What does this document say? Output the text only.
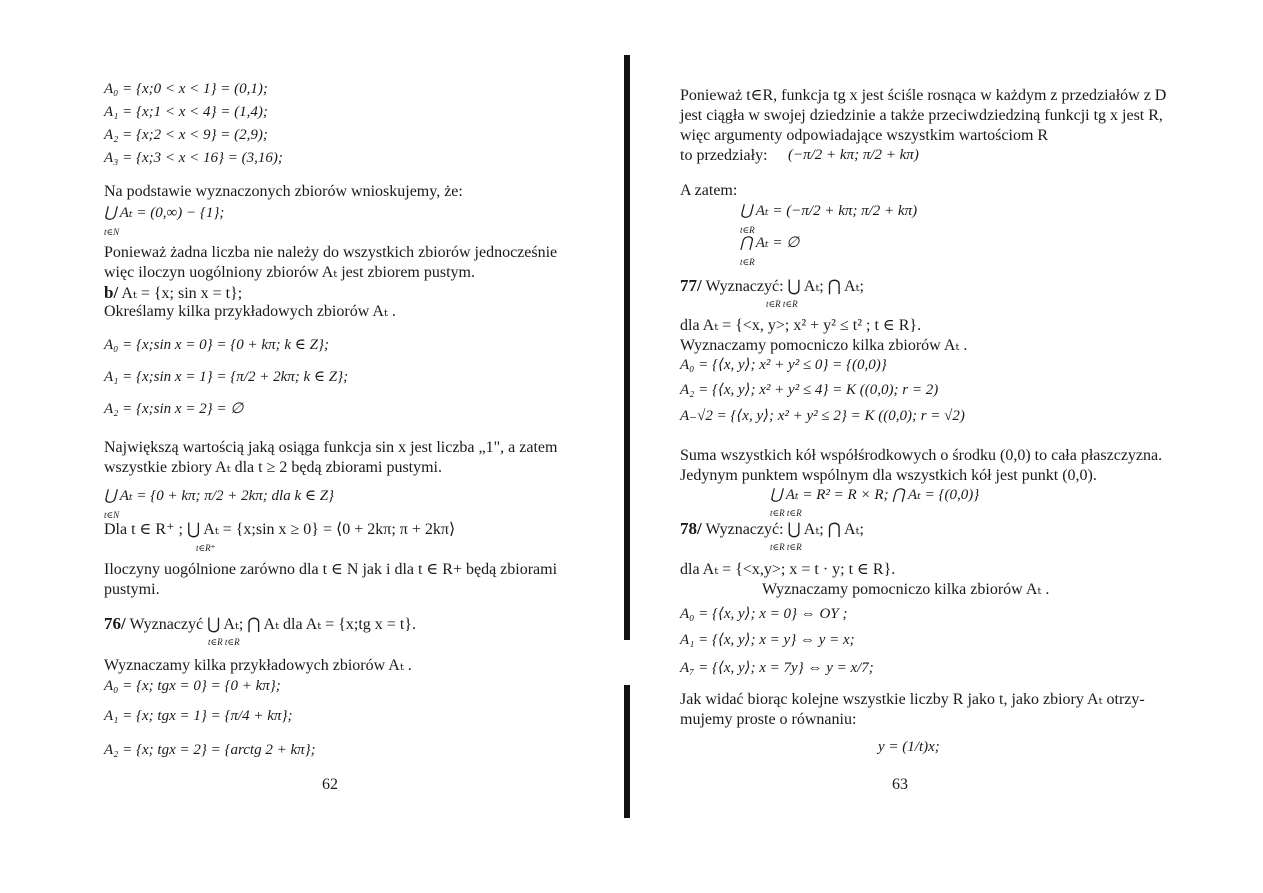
A₀ = {x;0 < x < 1} = (0,1);
A₁ = {x;1 < x < 4} = (1,4);
A₂ = {x;2 < x < 9} = (2,9);
A₃ = {x;3 < x < 16} = (3,16);
Na podstawie wyznaczonych zbiorów wnioskujemy, że:
⋃ Aₜ = (0,∞) − {1};
t∈N
Ponieważ żadna liczba nie należy do wszystkich zbiorów jednocześnie
więc iloczyn uogólniony zbiorów Aₜ jest zbiorem pustym.
b/ Aₜ = {x; sin x = t};
Określamy kilka przykładowych zbiorów Aₜ .
A₀ = {x;sin x = 0} = {0 + kπ; k ∈ Z};
A₁ = {x;sin x = 1} = {π/2 + 2kπ; k ∈ Z};
A₂ = {x;sin x = 2} = ∅
Największą wartością jaką osiąga funkcja sin x jest liczba „1", a zatem
wszystkie zbiory Aₜ dla t ≥ 2 będą zbiorami pustymi.
⋃ Aₜ = {0 + kπ; π/2 + 2kπ; dla k ∈ Z}
t∈N
Dla t ∈ R⁺ ; ⋃ Aₜ = {x;sin x ≥ 0} = ⟨0 + 2kπ; π + 2kπ⟩
t∈R⁺
Iloczyny uogólnione zarówno dla t ∈ N jak i dla t ∈ R+ będą zbiorami
pustymi.
76/ Wyznaczyć ⋃ Aₜ; ⋂ Aₜ dla Aₜ = {x;tg x = t}.
t∈R t∈R
Wyznaczamy kilka przykładowych zbiorów Aₜ .
A₀ = {x; tgx = 0} = {0 + kπ};
A₁ = {x; tgx = 1} = {π/4 + kπ};
A₂ = {x; tgx = 2} = {arctg 2 + kπ};
62
Ponieważ t∈R, funkcja tg x jest ściśle rosnąca w każdym z przedziałów z D
jest ciągła w swojej dziedzinie a także przeciwdziedziną funkcji tg x jest R,
więc argumenty odpowiadające wszystkim wartościom R
to przedziały: (−π/2 + kπ; π/2 + kπ)
A zatem:
⋃ Aₜ = (−π/2 + kπ; π/2 + kπ)
t∈R
⋂ Aₜ = ∅
t∈R
77/ Wyznaczyć: ⋃ Aₜ; ⋂ Aₜ;
t∈R t∈R
dla Aₜ = {<x, y>; x² + y² ≤ t² ; t ∈ R}.
Wyznaczamy pomocniczo kilka zbiorów Aₜ .
A₀ = {⟨x, y⟩; x² + y² ≤ 0} = {(0,0)}
A₂ = {⟨x, y⟩; x² + y² ≤ 4} = K ((0,0); r = 2)
A₋√2 = {⟨x, y⟩; x² + y² ≤ 2} = K ((0,0); r = √2)
Suma wszystkich kół współśrodkowych o środku (0,0) to cała płaszczyzna.
Jedynym punktem wspólnym dla wszystkich kół jest punkt (0,0).
⋃ Aₜ = R² = R × R; ⋂ Aₜ = {(0,0)}
t∈R t∈R
78/ Wyznaczyć: ⋃ Aₜ; ⋂ Aₜ;
t∈R t∈R
dla Aₜ = {<x,y>; x = t · y; t ∈ R}.
Wyznaczamy pomocniczo kilka zbiorów Aₜ .
A₀ = {⟨x, y⟩; x = 0} ⇔ OY ;
A₁ = {⟨x, y⟩; x = y} ⇔ y = x;
A₇ = {⟨x, y⟩; x = 7y} ⇔ y = x/7;
Jak widać biorąc kolejne wszystkie liczby R jako t, jako zbiory Aₜ otrzy-
mujemy proste o równaniu:
y = (1/t)x;
63
